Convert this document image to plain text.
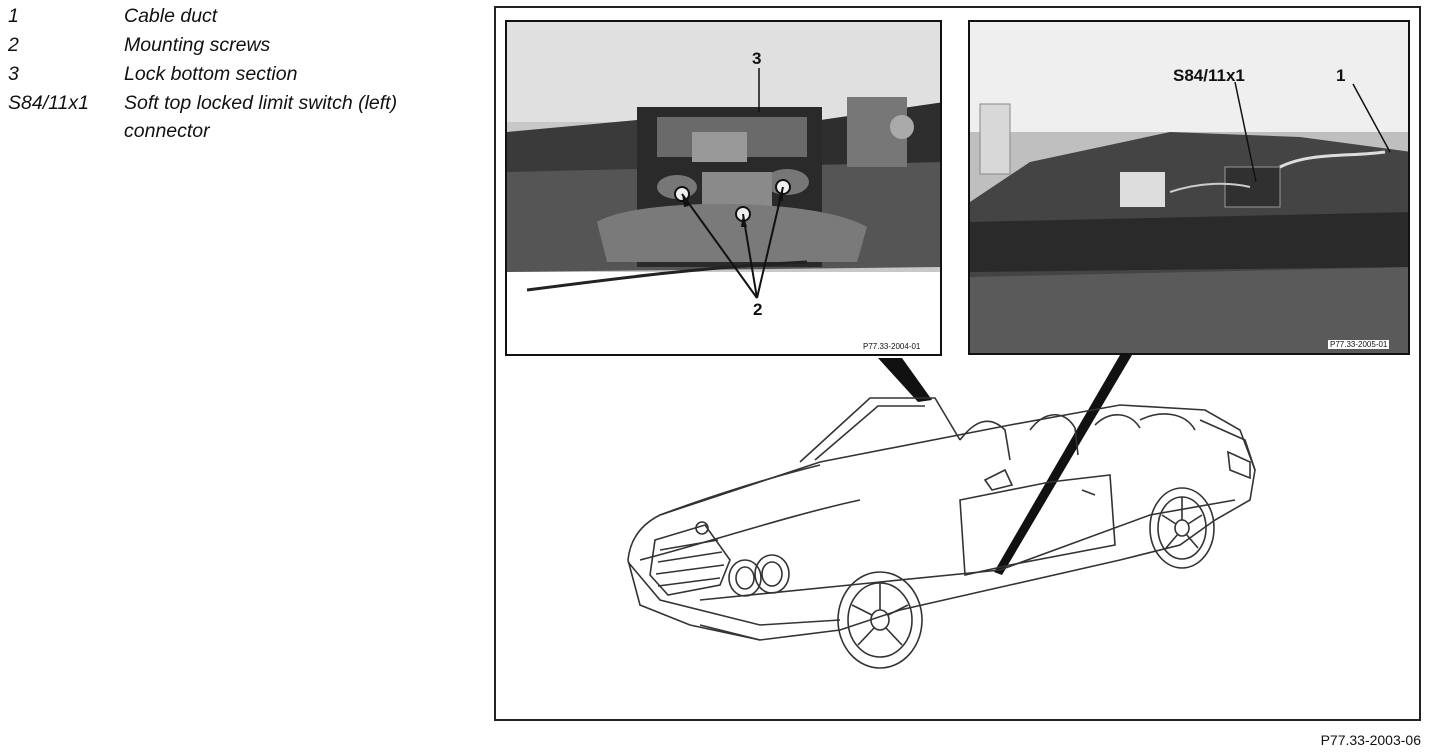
1	Cable duct
2	Mounting screws
3	Lock bottom section
S84/11x1 Soft top locked limit switch (left)
connector
3
2
P77.33-2004-01
S84/11x1	1
P77.33-2005-01
P77.33-2003-06
